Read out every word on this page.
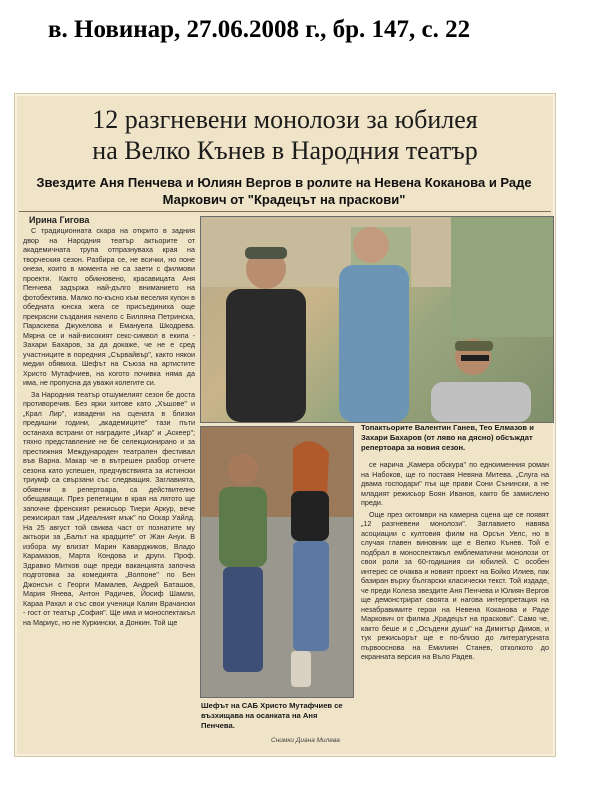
в. Новинар, 27.06.2008 г., бр. 147, с. 22
12 разгневени монолози за юбилея
на Велко Кънев в Народния театър
Звездите Аня Пенчева и Юлиян Вергов в ролите на Невена Коканова и Раде Маркович от "Крадецът на праскови"
Ирина Гигова

С традиционната скара на открито в задния двор на Народния театър актьорите от академичната трупа отпразнуваха края на творческия сезон. Разбира се, не всички, но поне онези, които в момента не са заети с филмови проекти. Както обикновено, красавицата Аня Пенчева задържа най-дълго вниманието на фотобектива. Малко по-късно към веселия купон в обедната юнска жега се присъединиха още прекрасни създания начело с Билляна Петринска, Параскева Джукелова и Емануела Шкодрева. Мярна се и най-високият секс-символ в екипа - Захари Бахаров, за да докаже, че не е сред участниците в поредния „Сървайвър", както някои медии обявиха. Шефът на Съюза на артистите Христо Мутафчиев, на когото почивка няма да има, не пропусна да уважи колегите си.

За Народния театър отшумелият сезон бе доста противоречив. Без ярки хитове като „Хъшове" и „Крал Лир", извадени на сцената в близки предишни години, „академиците" тази пъти останаха встрани от наградите „Икар" и „Аскеер"; тяхно представление не бе селекционирано и за престижния Международен театрален фестивал във Варна. Макар че в вътрешен разбор отчете сезона като успешен, предчувствията за истински триумф са свързани със следващия. Заглавията, обявени в репертоара, са действително обещаващи. През репетиции в края на лятото ще започне френският режисьор Тиери Аркур, вече режисирал там „Идеалният мъж" по Оскар Уайлд. На 25 август той свиква част от познатите му актьори за „Балът на крадците" от Жан Ануи. В избора му влизат Марин Каварджиков, Владо Карамазов, Марта Кондова и други. Проф. Здравко Митков още преди ваканцията започна подготовка за комедията „Волпоне" по Бен Джонсън с Георги Мамалев, Андрей Баташов, Мария Янева, Антон Радичев, Йосиф Шамли, Караа Рахал и със свои ученици Калин Врачански - гост от театър „София". Ще има и моноспектакъл на Мариус, но не Куркински, а Донкин. Той ще

Топактьорите Валентин Ганев, Тео Елмазов и Захари Бахаров (от ляво на дясно) обсъждат репертоара за новия сезон.
Шефът на САБ Христо Мутафчиев се възхищава на осанката на Аня Пенчева.
Снимки Диана Милева

се нарича „Камера обскура" по едноименния роман на Набоков, ще го поставя Невяна Митева. „Слуга на двама господари" пък ще прави Сони Сънински, а не младият режисьор Боян Иванов, както бе замислено преди.

Още през октомври на камерна сцена ще се появят „12 разгневени монолози". Заглавието навява асоциации с култовия филм на Орсън Уелс, но в случая главен виновник ще е Велко Кънев. Той е подбрал в моноспектакъл емблематични монолози от свои роли за 60-годишния си юбилей. С особен интерес се очаква и новият проект на Бойко Илиев, пак базиран върху български класически текст. Той издаде, че преди Колеза звездите Аня Пенчева и Юлиян Вергов ще демонстрират своята и нагова интерпретация на незабравимите герои на Невена Коканова и Раде Маркович от филма „Крадецът на праскови". Само че, както беше и с „Осъдени души" на Димитър Димов, и тук режисьорът ще е по-близо до литературната първооснова на Емилиян Станев, отколкото до екранната версия на Въло Радев.
